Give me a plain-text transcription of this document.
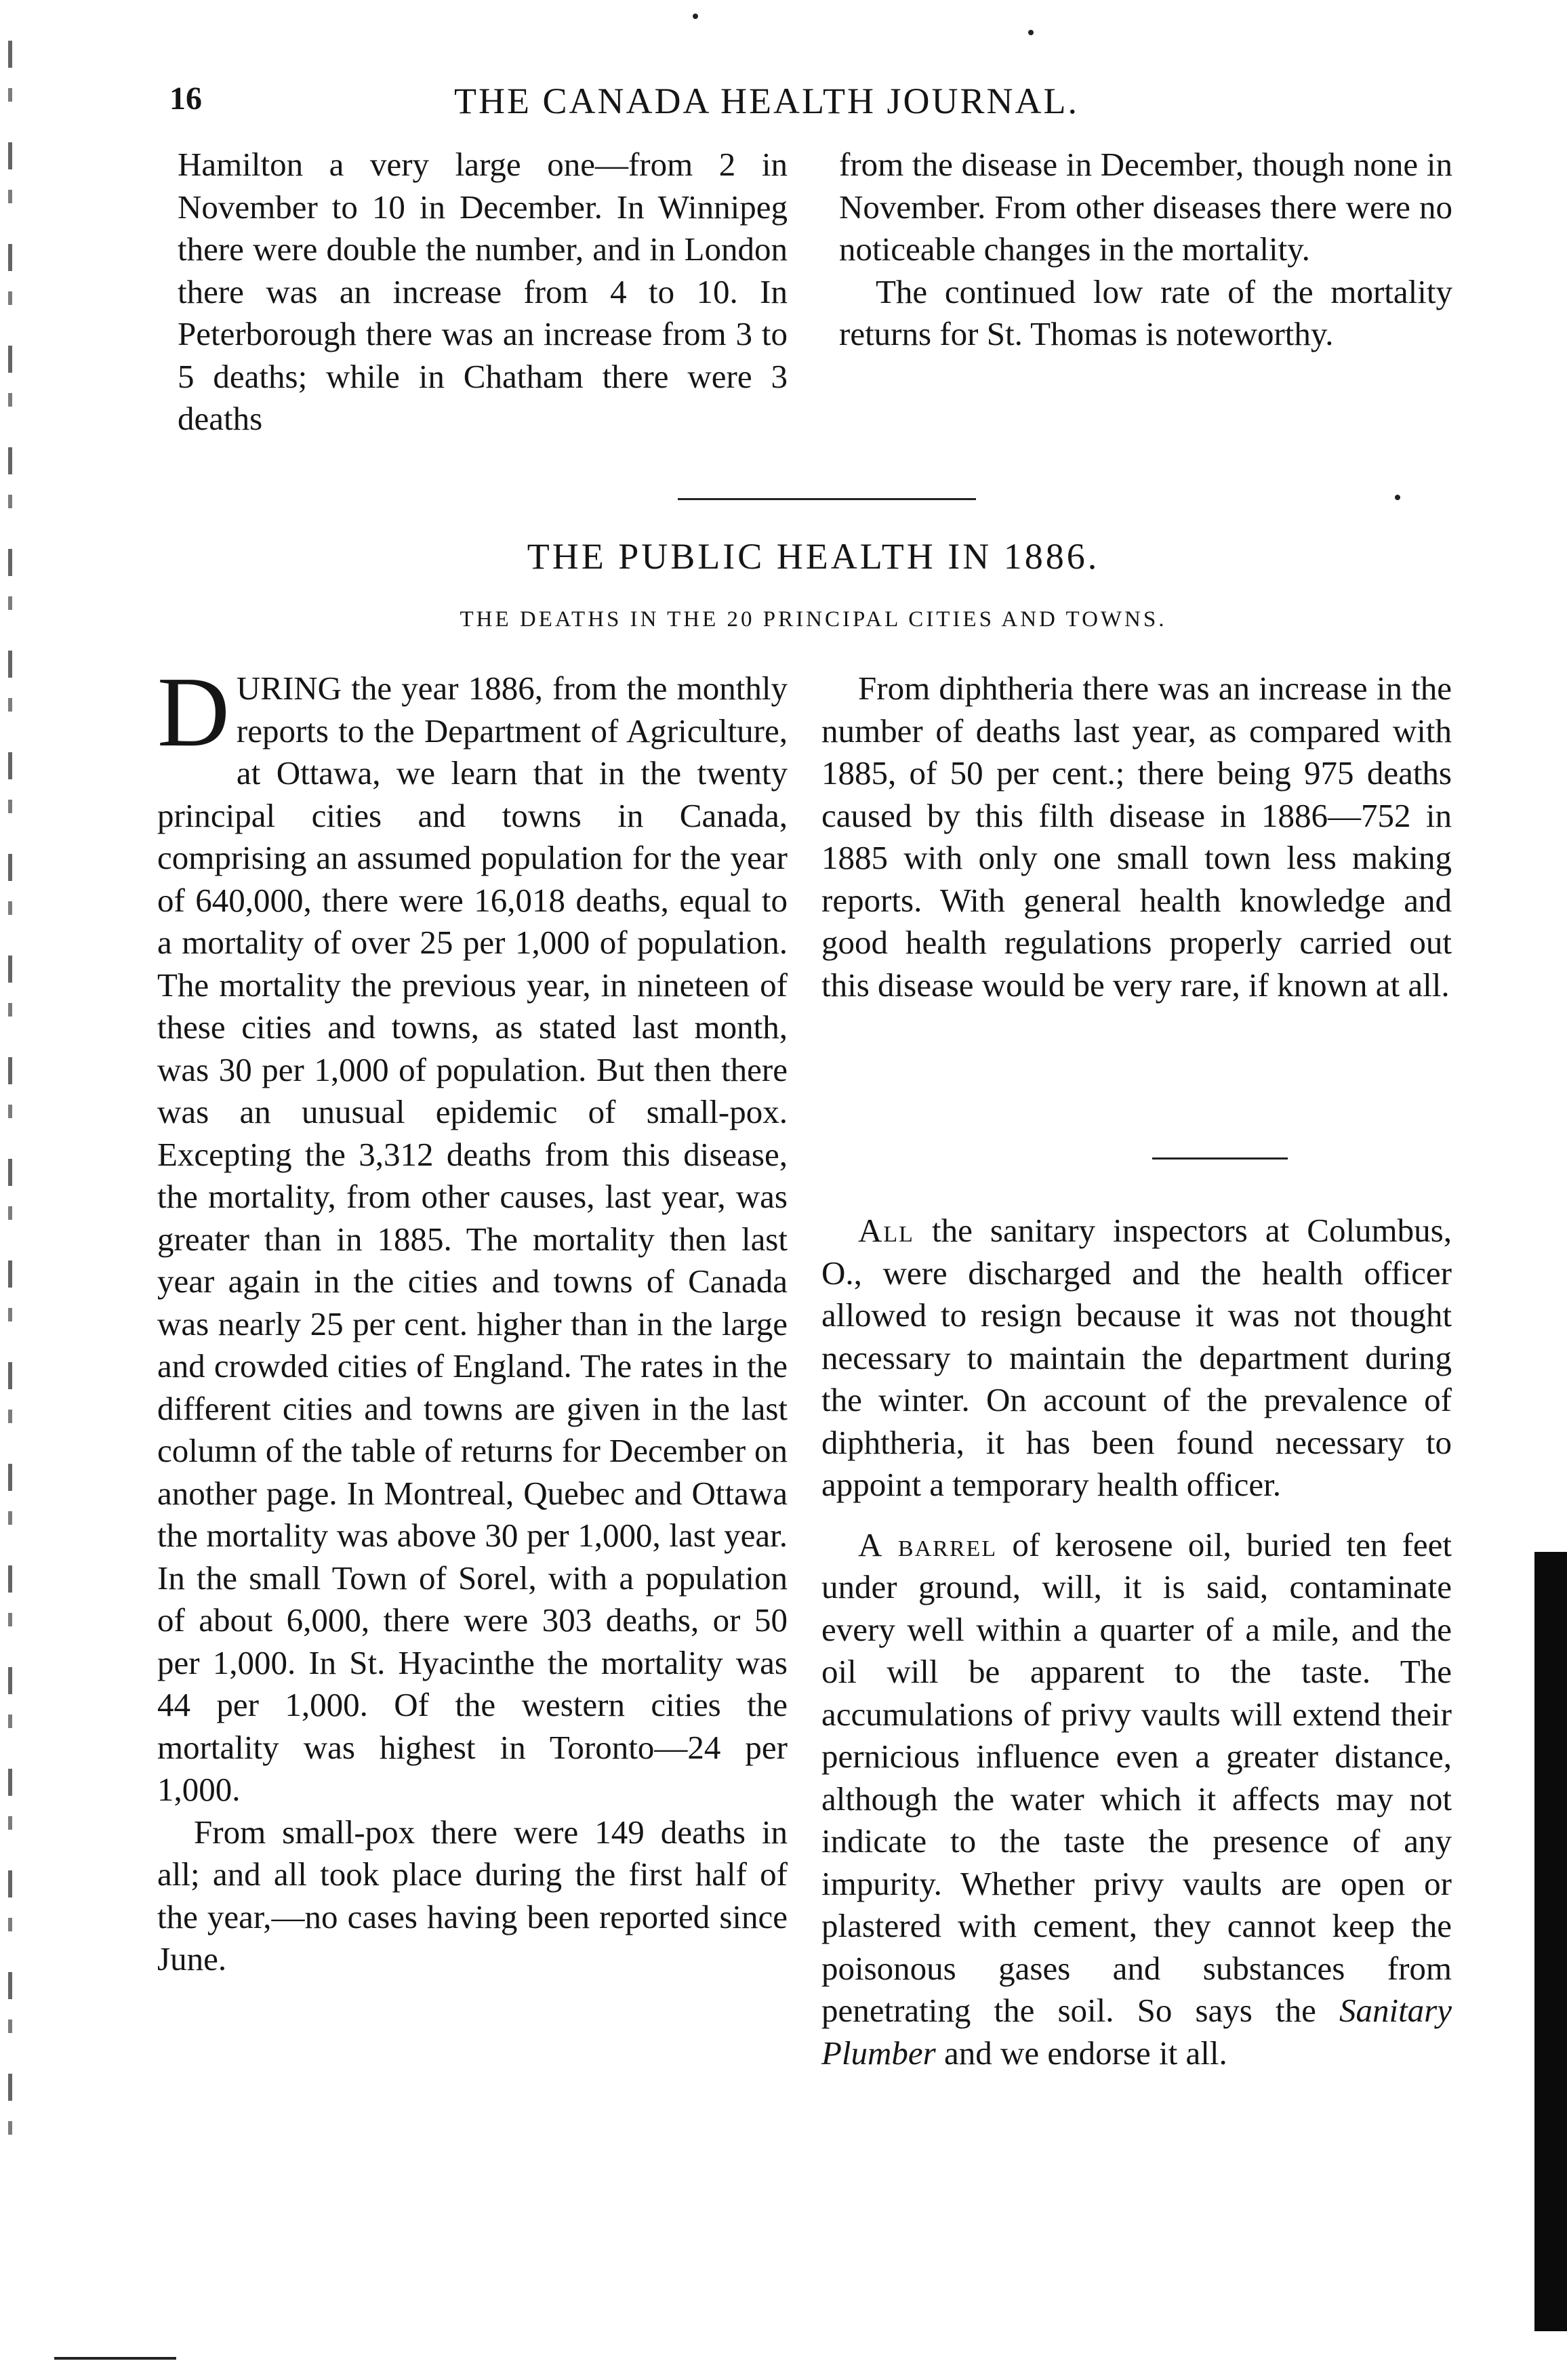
16	THE CANADA HEALTH JOURNAL.

Hamilton a very large one—from 2 in November to 10 in December. In Winnipeg there were double the number, and in London there was an increase from 4 to 10. In Peterborough there was an increase from 3 to 5 deaths; while in Chatham there were 3 deaths

from the disease in December, though none in November. From other diseases there were no noticeable changes in the mortality.

The continued low rate of the mortality returns for St. Thomas is noteworthy.

THE PUBLIC HEALTH IN 1886.
THE DEATHS IN THE 20 PRINCIPAL CITIES AND TOWNS.

DURING the year 1886, from the monthly reports to the Department of Agriculture, at Ottawa, we learn that in the twenty principal cities and towns in Canada, comprising an assumed population for the year of 640,000, there were 16,018 deaths, equal to a mortality of over 25 per 1,000 of population. The mortality the previous year, in nineteen of these cities and towns, as stated last month, was 30 per 1,000 of population. But then there was an unusual epidemic of small-pox. Excepting the 3,312 deaths from this disease, the mortality, from other causes, last year, was greater than in 1885. The mortality then last year again in the cities and towns of Canada was nearly 25 per cent. higher than in the large and crowded cities of England. The rates in the different cities and towns are given in the last column of the table of returns for December on another page. In Montreal, Quebec and Ottawa the mortality was above 30 per 1,000, last year. In the small Town of Sorel, with a population of about 6,000, there were 303 deaths, or 50 per 1,000. In St. Hyacinthe the mortality was 44 per 1,000. Of the western cities the mortality was highest in Toronto—24 per 1,000.

From small-pox there were 149 deaths in all; and all took place during the first half of the year,—no cases having been reported since June.

From diphtheria there was an increase in the number of deaths last year, as compared with 1885, of 50 per cent.; there being 975 deaths caused by this filth disease in 1886—752 in 1885 with only one small town less making reports. With general health knowledge and good health regulations properly carried out this disease would be very rare, if known at all.

All the sanitary inspectors at Columbus, O., were discharged and the health officer allowed to resign because it was not thought necessary to maintain the department during the winter. On account of the prevalence of diphtheria, it has been found necessary to appoint a temporary health officer.

A barrel of kerosene oil, buried ten feet under ground, will, it is said, contaminate every well within a quarter of a mile, and the oil will be apparent to the taste. The accumulations of privy vaults will extend their pernicious influence even a greater distance, although the water which it affects may not indicate to the taste the presence of any impurity. Whether privy vaults are open or plastered with cement, they cannot keep the poisonous gases and substances from penetrating the soil. So says the Sanitary Plumber and we endorse it all.
